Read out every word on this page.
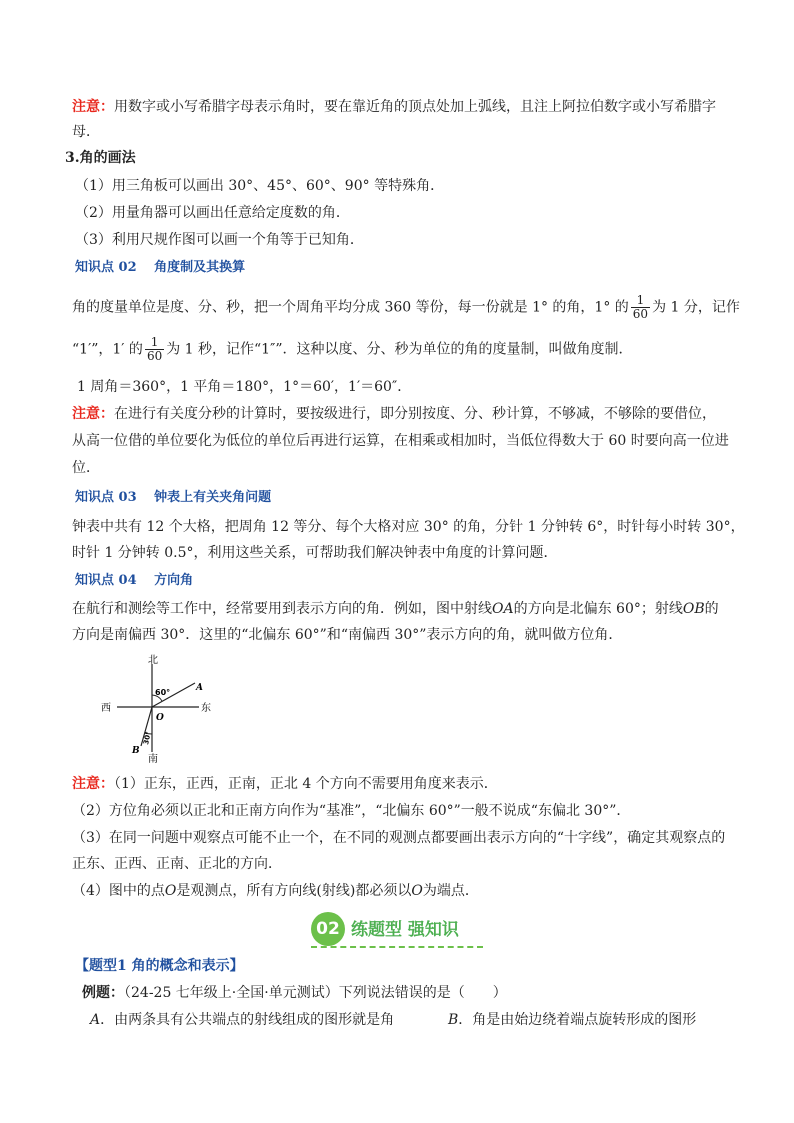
注意：用数字或小写希腊字母表示角时，要在靠近角的顶点处加上弧线，且注上阿拉伯数字或小写希腊字
母．
3.角的画法
（1）用三角板可以画出 30°、45°、60°、90° 等特殊角．
（2）用量角器可以画出任意给定度数的角．
（3）利用尺规作图可以画一个角等于已知角．
知识点 02　 角度制及其换算
角的度量单位是度、分、秒，把一个周角平均分成 360 等份，每一份就是 1° 的角，1° 的 $\frac{1}{60}$ 为 1 分，记作
“1′”，1′ 的 $\frac{1}{60}$ 为 1 秒，记作“1″”．这种以度、分、秒为单位的角的度量制，叫做角度制．
1 周角＝360°，1 平角＝180°，1°＝60′，1′＝60″．
注意：在进行有关度分秒的计算时，要按级进行，即分别按度、分、秒计算，不够减，不够除的要借位，
从高一位借的单位要化为低位的单位后再进行运算，在相乘或相加时，当低位得数大于 60 时要向高一位进
位．
知识点 03　 钟表上有关夹角问题
钟表中共有 12 个大格，把周角 12 等分、每个大格对应 30° 的角，分针 1 分钟转 6°，时针每小时转 30°，
时针 1 分钟转 0.5°，利用这些关系，可帮助我们解决钟表中角度的计算问题．
知识点 04　 方向角
在航行和测绘等工作中，经常要用到表示方向的角．例如，图中射线OA的方向是北偏东 60°；射线OB的
方向是南偏西 30°．这里的“北偏东 60°”和“南偏西 30°”表示方向的角，就叫做方位角．
北
南
西	东
O
A
B
60°
30°
注意：（1）正东，正西，正南，正北 4 个方向不需要用角度来表示．
（2）方位角必须以正北和正南方向作为“基准”，“北偏东 60°”一般不说成“东偏北 30°”．
（3）在同一问题中观察点可能不止一个，在不同的观测点都要画出表示方向的“十字线”，确定其观察点的
正东、正西、正南、正北的方向．
（4）图中的点O是观测点，所有方向线(射线)都必须以O为端点．
02 练题型 强知识
【题型1 角的概念和表示】
例题：（24-25 七年级上·全国·单元测试）下列说法错误的是（　　）
A．由两条具有公共端点的射线组成的图形就是角	B．角是由始边绕着端点旋转形成的图形
